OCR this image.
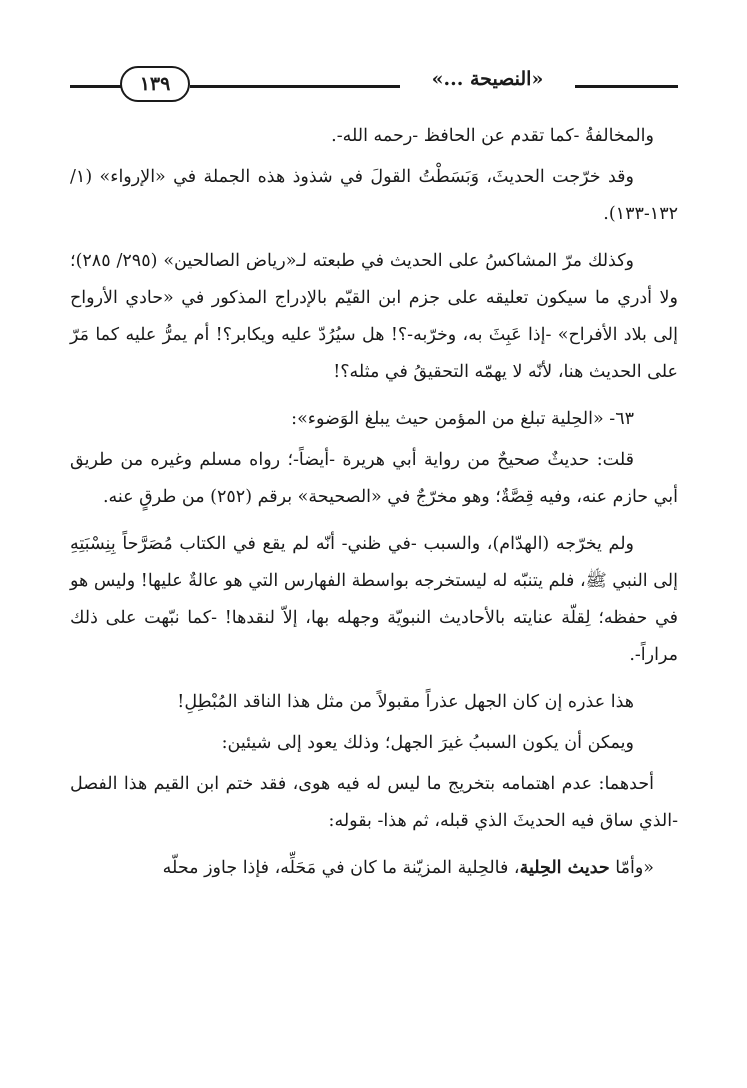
١٣٩	«النصيحة ...»

والمخالفةُ -كما تقدم عن الحافظ -رحمه الله-.

وقد خرّجت الحديثَ، وَبَسَطْتُ القولَ في شذوذ هذه الجملة في «الإرواء» (١/ ١٣٢-١٣٣).

وكذلك مرّ المشاكسُ على الحديث في طبعته لـ«رياض الصالحين» (٢٩٥/ ٢٨٥)؛ ولا أدري ما سيكون تعليقه على جزم ابن القيّم بالإدراج المذكور في «حادي الأرواح إلى بلاد الأفراح» -إذا عَبِثَ به، وخرّبه-؟! هل سيُرُدّ عليه ويكابر؟! أم يمرُّ عليه كما مَرّ على الحديث هنا، لأنّه لا يهمّه التحقيقُ في مثله؟!

٦٣- «الحِلية تبلغ من المؤمن حيث يبلغ الوَضوء»:

قلت: حديثٌ صحيحٌ من رواية أبي هريرة -أيضاً-؛ رواه مسلم وغيره من طريق أبي حازم عنه، وفيه قِصَّةٌ؛ وهو مخرّجٌ في «الصحيحة» برقم (٢٥٢) من طرقٍ عنه.

ولم يخرّجه (الهدّام)، والسبب -في ظني- أنّه لم يقع في الكتاب مُصَرَّحاً بِنِسْبَتِهِ إلى النبي ﷺ، فلم يتنبّه له ليستخرجه بواسطة الفهارس التي هو عالةٌ عليها! وليس هو في حفظه؛ لِقلّة عنايته بالأحاديث النبويّة وجهله بها، إلاّ لنقدها! -كما نبّهت على ذلك مراراً-.

هذا عذره إن كان الجهل عذراً مقبولاً من مثل هذا الناقد المُبْطِلِ!

ويمكن أن يكون السببُ غيرَ الجهل؛ وذلك يعود إلى شيئين:

أحدهما: عدم اهتمامه بتخريج ما ليس له فيه هوى، فقد ختم ابن القيم هذا الفصل -الذي ساق فيه الحديثَ الذي قبله، ثم هذا- بقوله:

«وأمّا حديث الحِلية، فالحِلية المزيّنة ما كان في مَحَلِّه، فإذا جاوز محلّه
